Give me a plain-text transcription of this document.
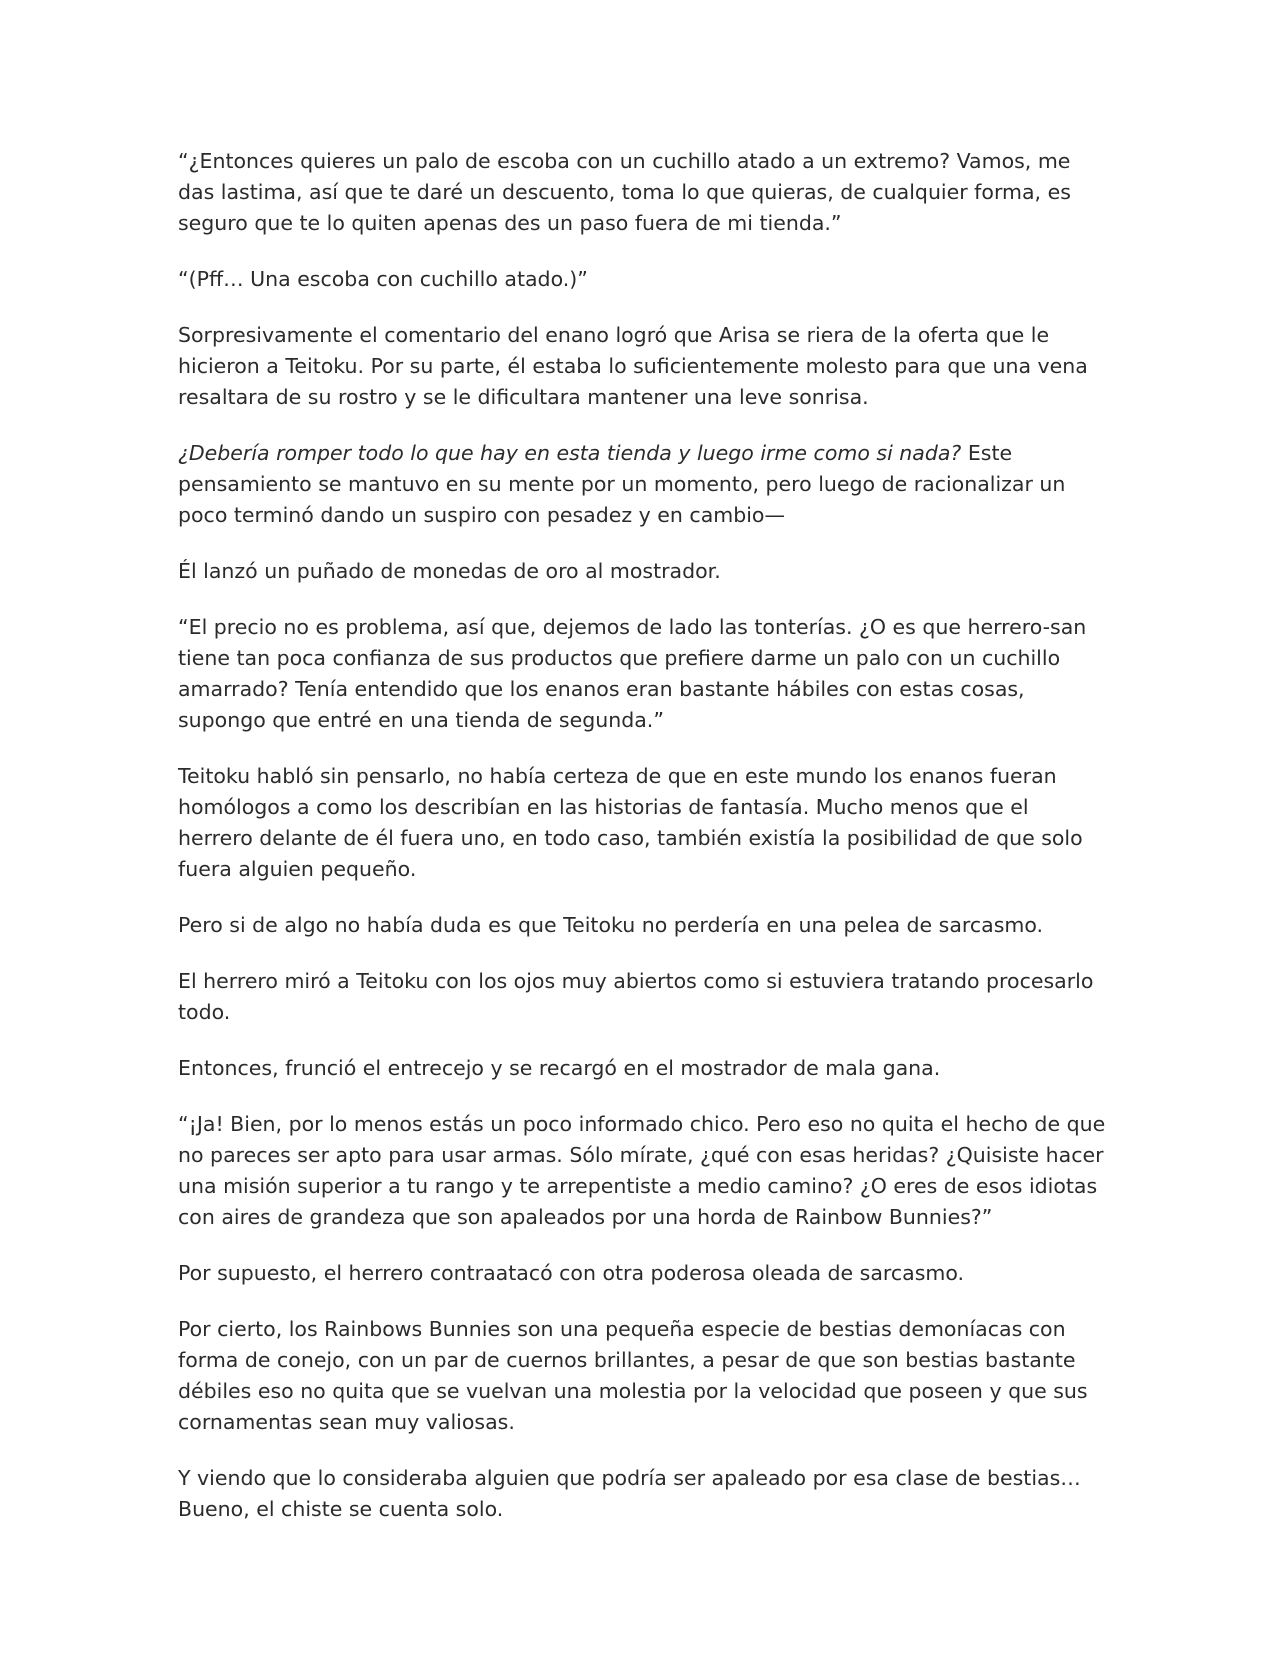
“¿Entonces quieres un palo de escoba con un cuchillo atado a un extremo? Vamos, me das lastima, así que te daré un descuento, toma lo que quieras, de cualquier forma, es seguro que te lo quiten apenas des un paso fuera de mi tienda.”

“(Pff… Una escoba con cuchillo atado.)”

Sorpresivamente el comentario del enano logró que Arisa se riera de la oferta que le hicieron a Teitoku. Por su parte, él estaba lo suficientemente molesto para que una vena resaltara de su rostro y se le dificultara mantener una leve sonrisa.

¿Debería romper todo lo que hay en esta tienda y luego irme como si nada? Este pensamiento se mantuvo en su mente por un momento, pero luego de racionalizar un poco terminó dando un suspiro con pesadez y en cambio—

Él lanzó un puñado de monedas de oro al mostrador.

“El precio no es problema, así que, dejemos de lado las tonterías. ¿O es que herrero-san tiene tan poca confianza de sus productos que prefiere darme un palo con un cuchillo amarrado? Tenía entendido que los enanos eran bastante hábiles con estas cosas, supongo que entré en una tienda de segunda.”

Teitoku habló sin pensarlo, no había certeza de que en este mundo los enanos fueran homólogos a como los describían en las historias de fantasía. Mucho menos que el herrero delante de él fuera uno, en todo caso, también existía la posibilidad de que solo fuera alguien pequeño.

Pero si de algo no había duda es que Teitoku no perdería en una pelea de sarcasmo.

El herrero miró a Teitoku con los ojos muy abiertos como si estuviera tratando procesarlo todo.

Entonces, frunció el entrecejo y se recargó en el mostrador de mala gana.

“¡Ja! Bien, por lo menos estás un poco informado chico. Pero eso no quita el hecho de que no pareces ser apto para usar armas. Sólo mírate, ¿qué con esas heridas? ¿Quisiste hacer una misión superior a tu rango y te arrepentiste a medio camino? ¿O eres de esos idiotas con aires de grandeza que son apaleados por una horda de Rainbow Bunnies?”

Por supuesto, el herrero contraatacó con otra poderosa oleada de sarcasmo.

Por cierto, los Rainbows Bunnies son una pequeña especie de bestias demoníacas con forma de conejo, con un par de cuernos brillantes, a pesar de que son bestias bastante débiles eso no quita que se vuelvan una molestia por la velocidad que poseen y que sus cornamentas sean muy valiosas.

Y viendo que lo consideraba alguien que podría ser apaleado por esa clase de bestias… Bueno, el chiste se cuenta solo.
